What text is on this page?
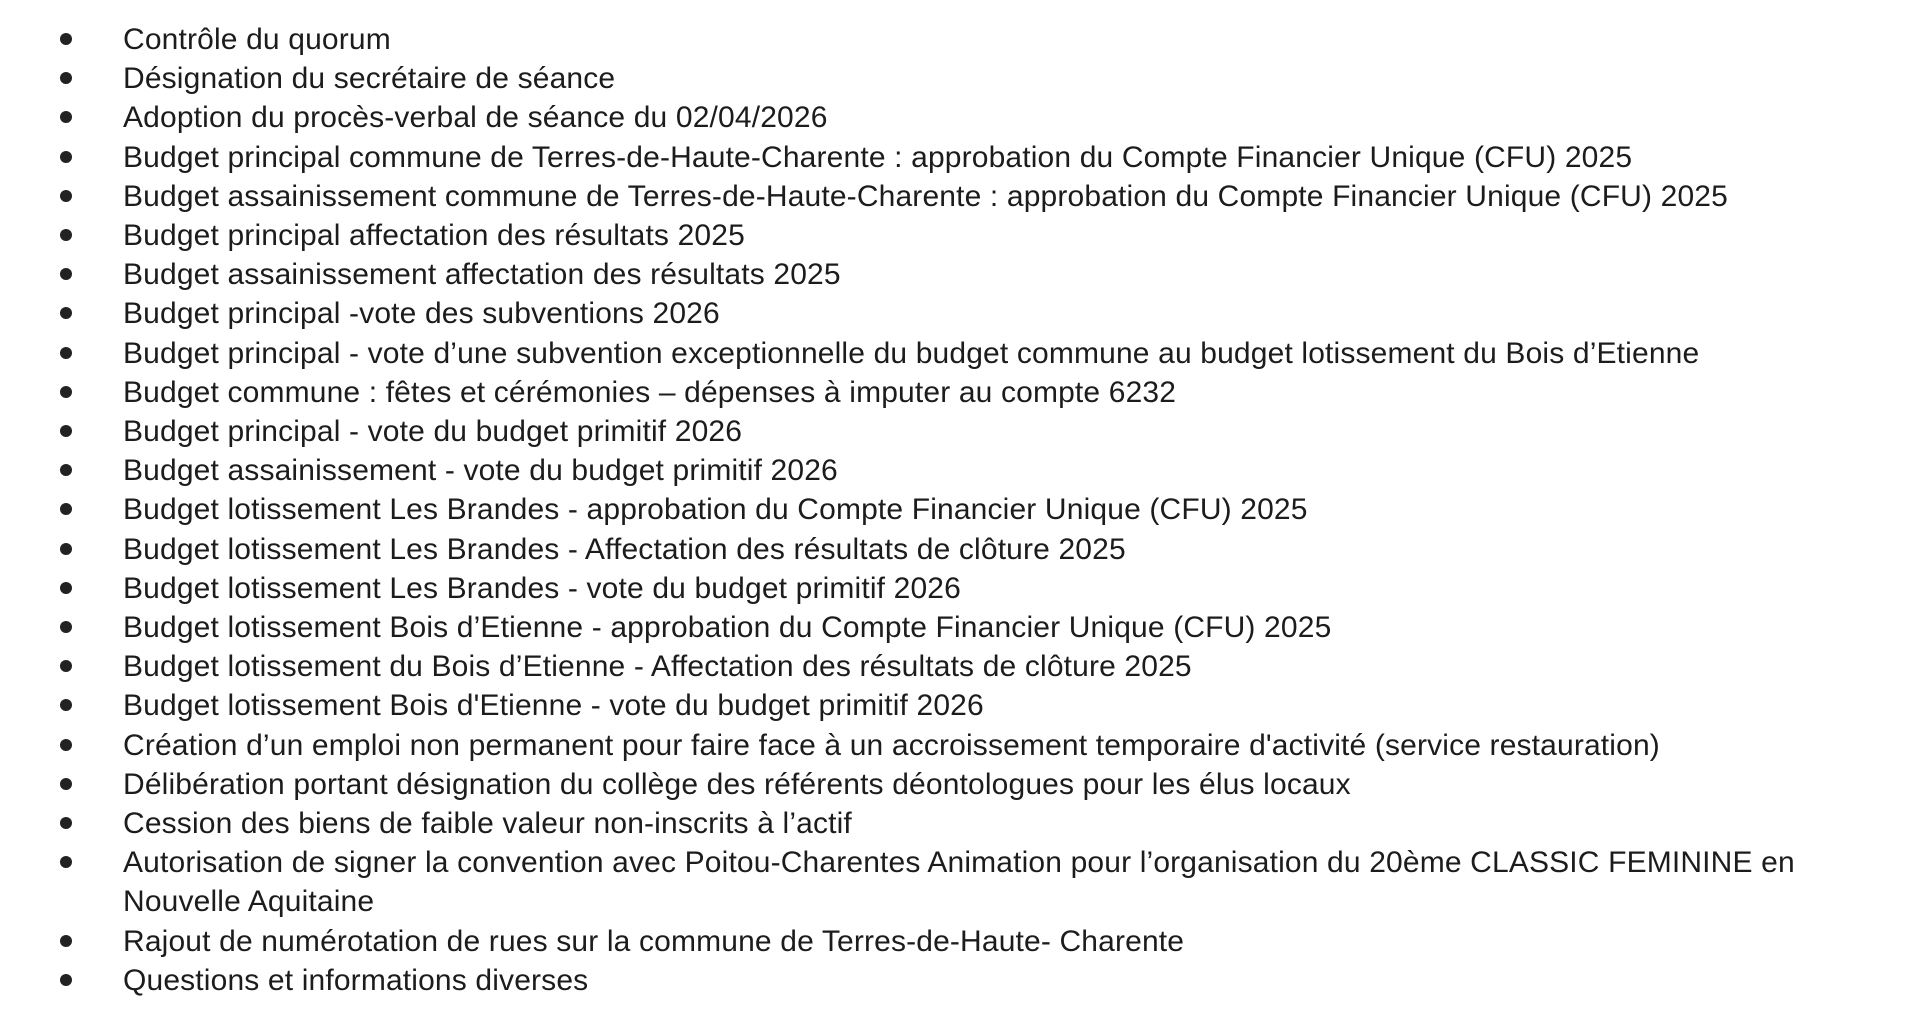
Contrôle du quorum
Désignation du secrétaire de séance
Adoption du procès-verbal de séance du 02/04/2026
Budget principal commune de Terres-de-Haute-Charente : approbation du Compte Financier Unique (CFU) 2025
Budget assainissement commune de Terres-de-Haute-Charente : approbation du Compte Financier Unique (CFU) 2025
Budget principal affectation des résultats 2025
Budget assainissement affectation des résultats 2025
Budget principal -vote des subventions 2026
Budget principal - vote d’une subvention exceptionnelle du budget commune au budget lotissement du Bois d’Etienne
Budget commune : fêtes et cérémonies – dépenses à imputer au compte 6232
Budget principal - vote du budget primitif 2026
Budget assainissement - vote du budget primitif 2026
Budget lotissement Les Brandes - approbation du Compte Financier Unique (CFU) 2025
Budget lotissement Les Brandes - Affectation des résultats de clôture 2025
Budget lotissement Les Brandes - vote du budget primitif 2026
Budget lotissement Bois d’Etienne - approbation du Compte Financier Unique (CFU) 2025
Budget lotissement du Bois d’Etienne - Affectation des résultats de clôture 2025
Budget lotissement Bois d'Etienne - vote du budget primitif 2026
Création d’un emploi non permanent pour faire face à un accroissement temporaire d'activité (service restauration)
Délibération portant désignation du collège des référents déontologues pour les élus locaux
Cession des biens de faible valeur non-inscrits à l’actif
Autorisation de signer la convention avec Poitou-Charentes Animation pour l’organisation du 20ème CLASSIC FEMININE en Nouvelle Aquitaine
Rajout de numérotation de rues sur la commune de Terres-de-Haute- Charente
Questions et informations diverses
